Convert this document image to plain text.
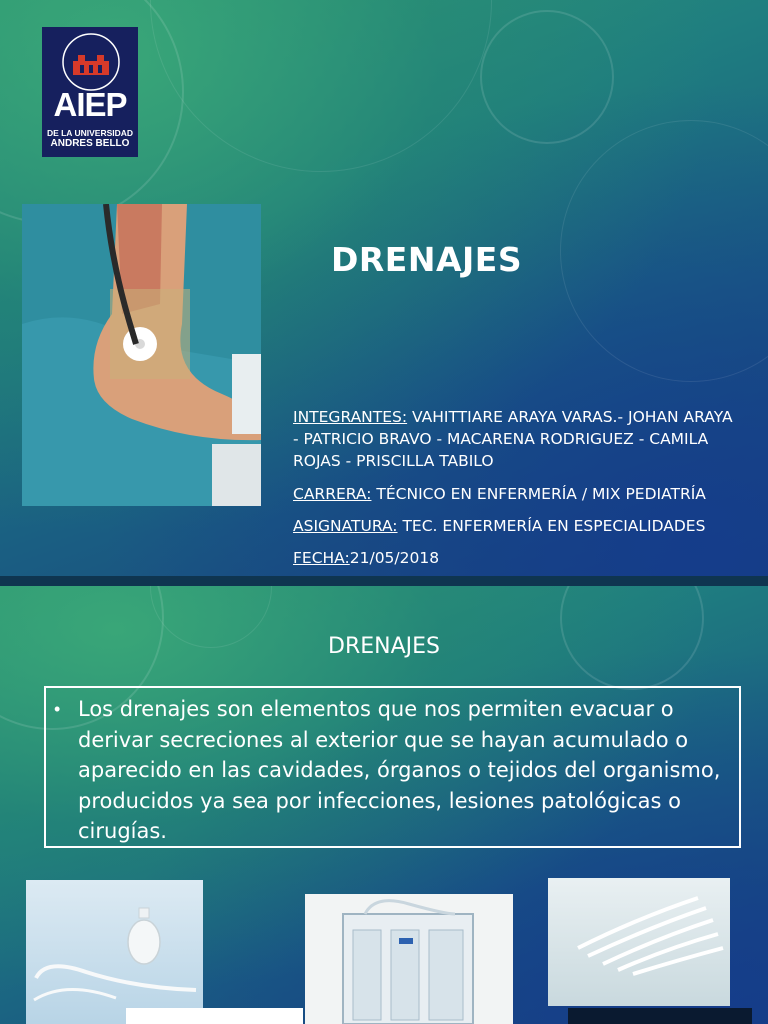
AIEP
DE LA UNIVERSIDAD
ANDRES BELLO
DRENAJES
INTEGRANTES: VAHITTIARE ARAYA VARAS.- JOHAN ARAYA - PATRICIO BRAVO - MACARENA RODRIGUEZ - CAMILA ROJAS - PRISCILLA TABILO
CARRERA: TÉCNICO EN ENFERMERÍA / MIX PEDIATRÍA
ASIGNATURA: TEC. ENFERMERÍA EN ESPECIALIDADES
FECHA:21/05/2018
DRENAJES
• Los drenajes son elementos que nos permiten evacuar o derivar secreciones al exterior que se hayan acumulado o aparecido en las cavidades, órganos o tejidos del organismo, producidos ya sea por infecciones, lesiones patológicas o cirugías.
